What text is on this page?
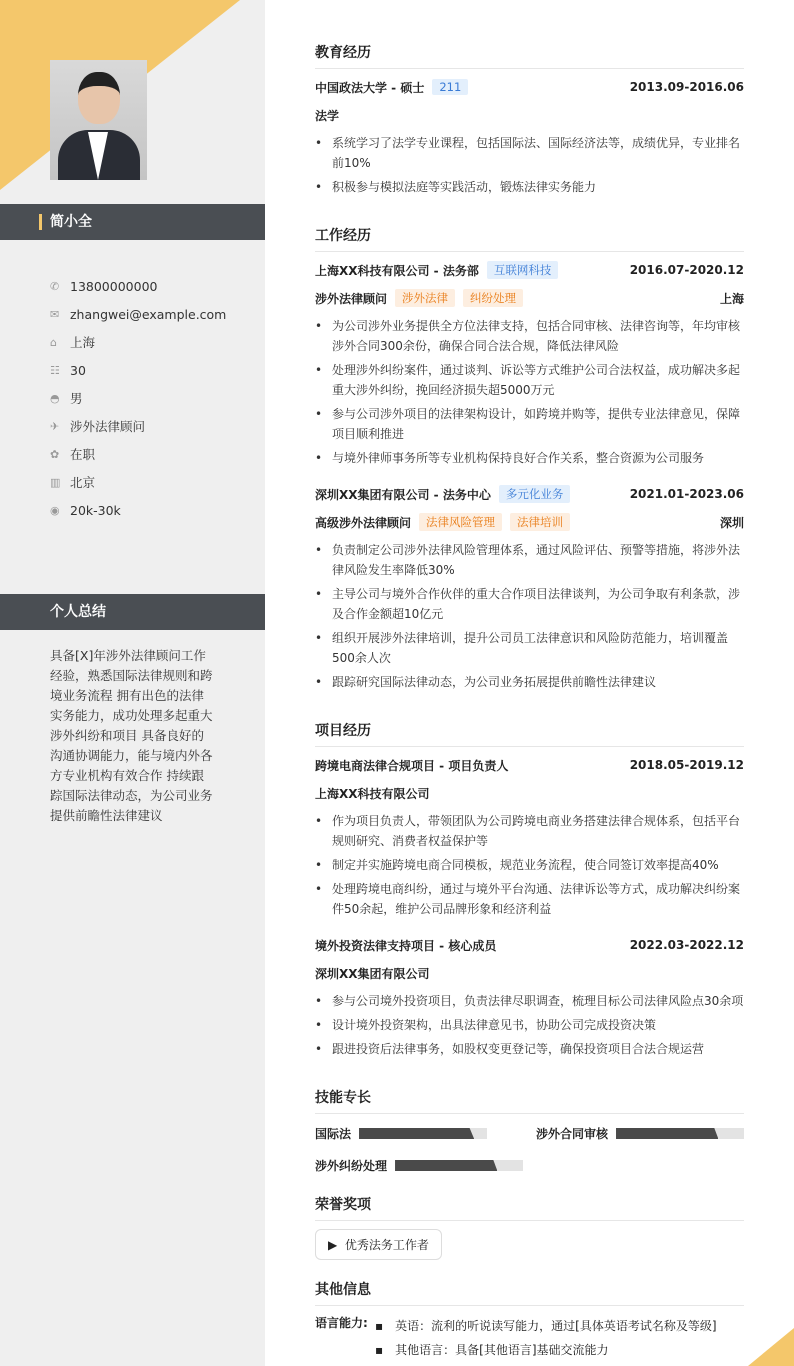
简小全
✆ 13800000000
✉ zhangwei@example.com
⌂	上海
☷ 30
◓ 男
✈ 涉外法律顾问
✿ 在职
▥ 北京
◉ 20k-30k
个人总结
具备[X]年涉外法律顾问工作经验，熟悉国际法律规则和跨境业务流程 拥有出色的法律实务能力，成功处理多起重大涉外纠纷和项目 具备良好的沟通协调能力，能与境内外各方专业机构有效合作 持续跟踪国际法律动态，为公司业务提供前瞻性法律建议
教育经历
中国政法大学 - 硕士	211	2013.09-2016.06
法学
• 系统学习了法学专业课程，包括国际法、国际经济法等，成绩优异，专业排名前10%
• 积极参与模拟法庭等实践活动，锻炼法律实务能力
工作经历
项目经历
技能专长
荣誉奖项
▶ 优秀法务工作者
其他信息
语言能力: ▪ 英语：流利的听说读写能力，通过[具体英语考试名称及等级]
▪ 其他语言：具备[其他语言]基础交流能力
上海XX科技有限公司 - 法务部	互联网科技	2016.07-2020.12
涉外法律顾问	涉外法律	纠纷处理	上海
• 为公司涉外业务提供全方位法律支持，包括合同审核、法律咨询等，年均审核涉外合同300余份，确保合同合法合规，降低法律风险
• 处理涉外纠纷案件，通过谈判、诉讼等方式维护公司合法权益，成功解决多起重大涉外纠纷，挽回经济损失超5000万元
• 参与公司涉外项目的法律架构设计，如跨境并购等，提供专业法律意见，保障项目顺利推进
• 与境外律师事务所等专业机构保持良好合作关系，整合资源为公司服务
深圳XX集团有限公司 - 法务中心	多元化业务	2021.01-2023.06
高级涉外法律顾问	法律风险管理	法律培训	深圳
• 负责制定公司涉外法律风险管理体系，通过风险评估、预警等措施，将涉外法律风险发生率降低30%
• 主导公司与境外合作伙伴的重大合作项目法律谈判，为公司争取有利条款，涉及合作金额超10亿元
• 组织开展涉外法律培训，提升公司员工法律意识和风险防范能力，培训覆盖500余人次
• 跟踪研究国际法律动态，为公司业务拓展提供前瞻性法律建议
跨境电商法律合规项目 - 项目负责人	2018.05-2019.12
上海XX科技有限公司
• 作为项目负责人，带领团队为公司跨境电商业务搭建法律合规体系，包括平台规则研究、消费者权益保护等
• 制定并实施跨境电商合同模板，规范业务流程，使合同签订效率提高40%
• 处理跨境电商纠纷，通过与境外平台沟通、法律诉讼等方式，成功解决纠纷案件50余起，维护公司品牌形象和经济利益
境外投资法律支持项目 - 核心成员	2022.03-2022.12
深圳XX集团有限公司
• 参与公司境外投资项目，负责法律尽职调查，梳理目标公司法律风险点30余项
• 设计境外投资架构，出具法律意见书，协助公司完成投资决策
• 跟进投资后法律事务，如股权变更登记等，确保投资项目合法合规运营
国际法	涉外合同审核
涉外纠纷处理
